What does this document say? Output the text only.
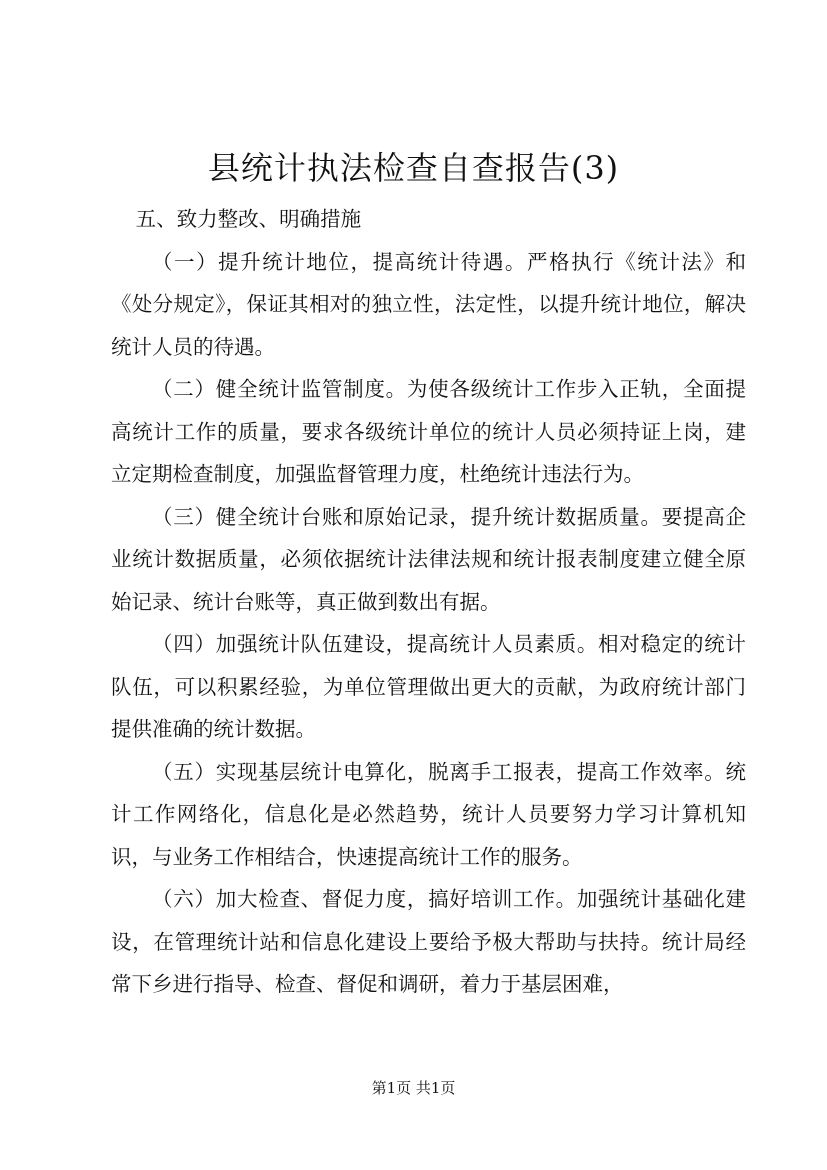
县统计执法检查自查报告(3)

五、致力整改、明确措施

（一）提升统计地位，提高统计待遇。严格执行《统计法》和《处分规定》，保证其相对的独立性，法定性，以提升统计地位，解决统计人员的待遇。

（二）健全统计监管制度。为使各级统计工作步入正轨，全面提高统计工作的质量，要求各级统计单位的统计人员必须持证上岗，建立定期检查制度，加强监督管理力度，杜绝统计违法行为。

（三）健全统计台账和原始记录，提升统计数据质量。要提高企业统计数据质量，必须依据统计法律法规和统计报表制度建立健全原始记录、统计台账等，真正做到数出有据。

（四）加强统计队伍建设，提高统计人员素质。相对稳定的统计队伍，可以积累经验，为单位管理做出更大的贡献，为政府统计部门提供准确的统计数据。

（五）实现基层统计电算化，脱离手工报表，提高工作效率。统计工作网络化，信息化是必然趋势，统计人员要努力学习计算机知识，与业务工作相结合，快速提高统计工作的服务。

（六）加大检查、督促力度，搞好培训工作。加强统计基础化建设，在管理统计站和信息化建设上要给予极大帮助与扶持。统计局经常下乡进行指导、检查、督促和调研，着力于基层困难，

第1页 共1页
